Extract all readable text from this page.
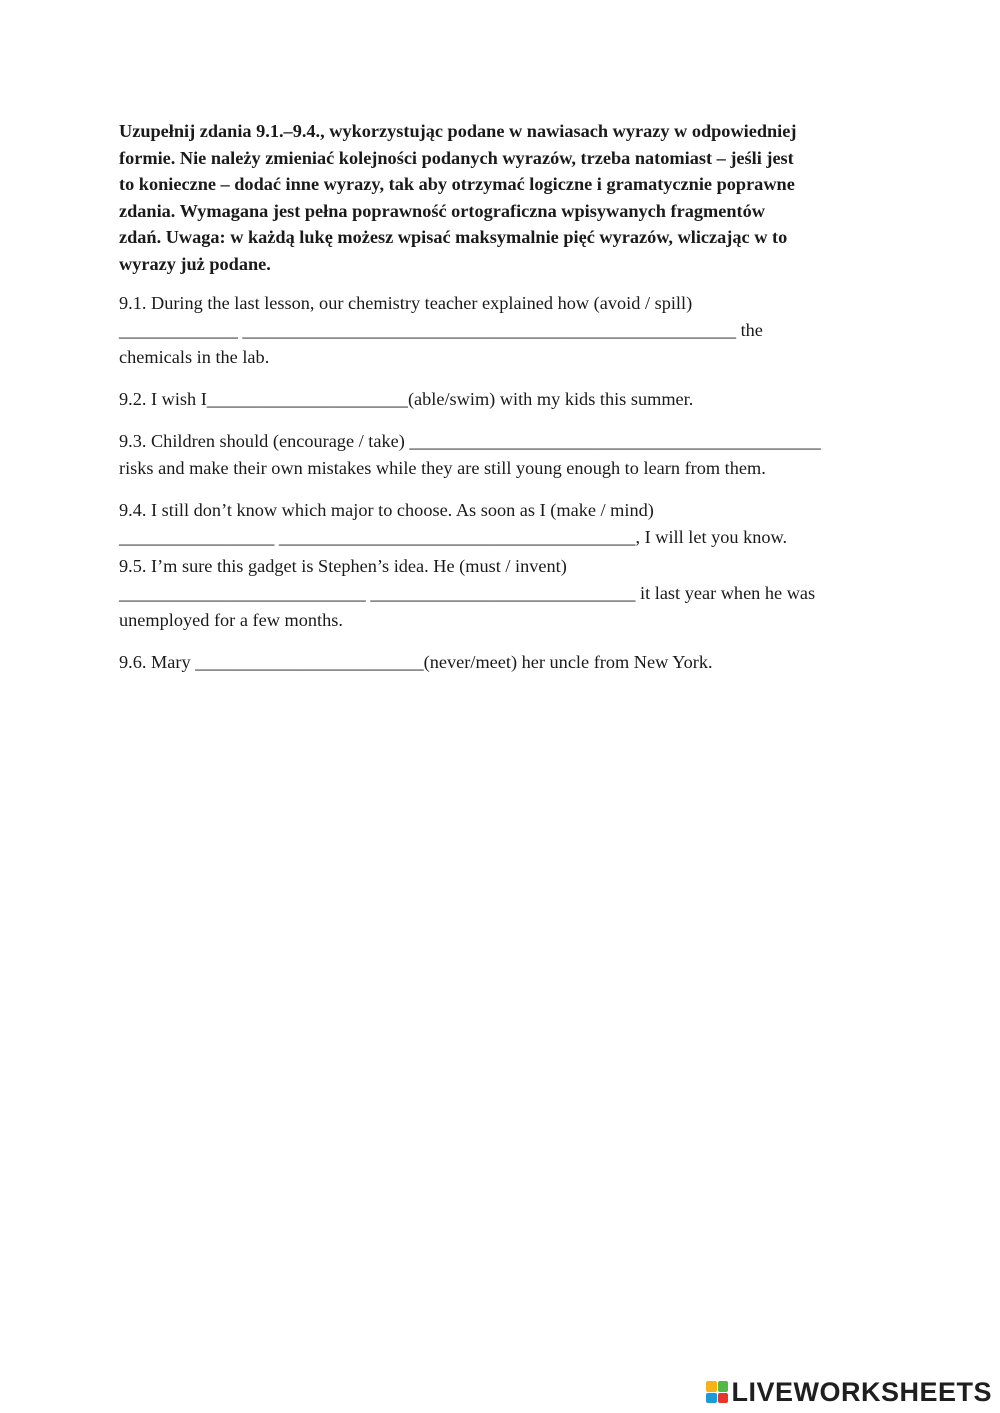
Uzupełnij zdania 9.1.–9.4., wykorzystując podane w nawiasach wyrazy w odpowiedniej
formie. Nie należy zmieniać kolejności podanych wyrazów, trzeba natomiast – jeśli jest
to konieczne – dodać inne wyrazy, tak aby otrzymać logiczne i gramatycznie poprawne
zdania. Wymagana jest pełna poprawność ortograficzna wpisywanych fragmentów
zdań. Uwaga: w każdą lukę możesz wpisać maksymalnie pięć wyrazów, wliczając w to
wyrazy już podane.

9.1. During the last lesson, our chemistry teacher explained how (avoid / spill)
_____________ ______________________________________________________ the
chemicals in the lab.
9.2. I wish I______________________(able/swim) with my kids this summer.
9.3. Children should (encourage / take) _____________________________________________
risks and make their own mistakes while they are still young enough to learn from them.
9.4. I still don’t know which major to choose. As soon as I (make / mind)
_________________ _______________________________________, I will let you know.
9.5. I’m sure this gadget is Stephen’s idea. He (must / invent)
___________________________ _____________________________ it last year when he was
unemployed for a few months.
9.6. Mary _________________________(never/meet) her uncle from New York.
LIVEWORKSHEETS
